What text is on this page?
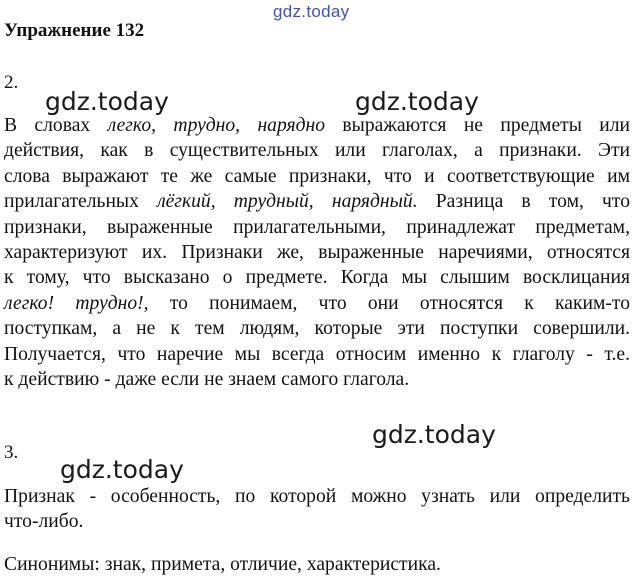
gdz.today
Упражнение 132
2.
gdz.today	gdz.today
В словах легко, трудно, нарядно выражаются не предметы или
действия, как в существительных или глаголах, а признаки. Эти
слова выражают те же самые признаки, что и соответствующие им
прилагательных лёгкий, трудный, нарядный. Разница в том, что
признаки, выраженные прилагательными, принадлежат предметам,
характеризуют их. Признаки же, выраженные наречиями, относятся
к тому, что высказано о предмете. Когда мы слышим восклицания
легко! трудно!, то понимаем, что они относятся к каким-то
поступкам, а не к тем людям, которые эти поступки совершили.
Получается, что наречие мы всегда относим именно к глаголу - т.е.
к действию - даже если не знаем самого глагола.
gdz.today
3.
gdz.today
Признак - особенность, по которой можно узнать или определить
что-либо.
Синонимы: знак, примета, отличие, характеристика.
